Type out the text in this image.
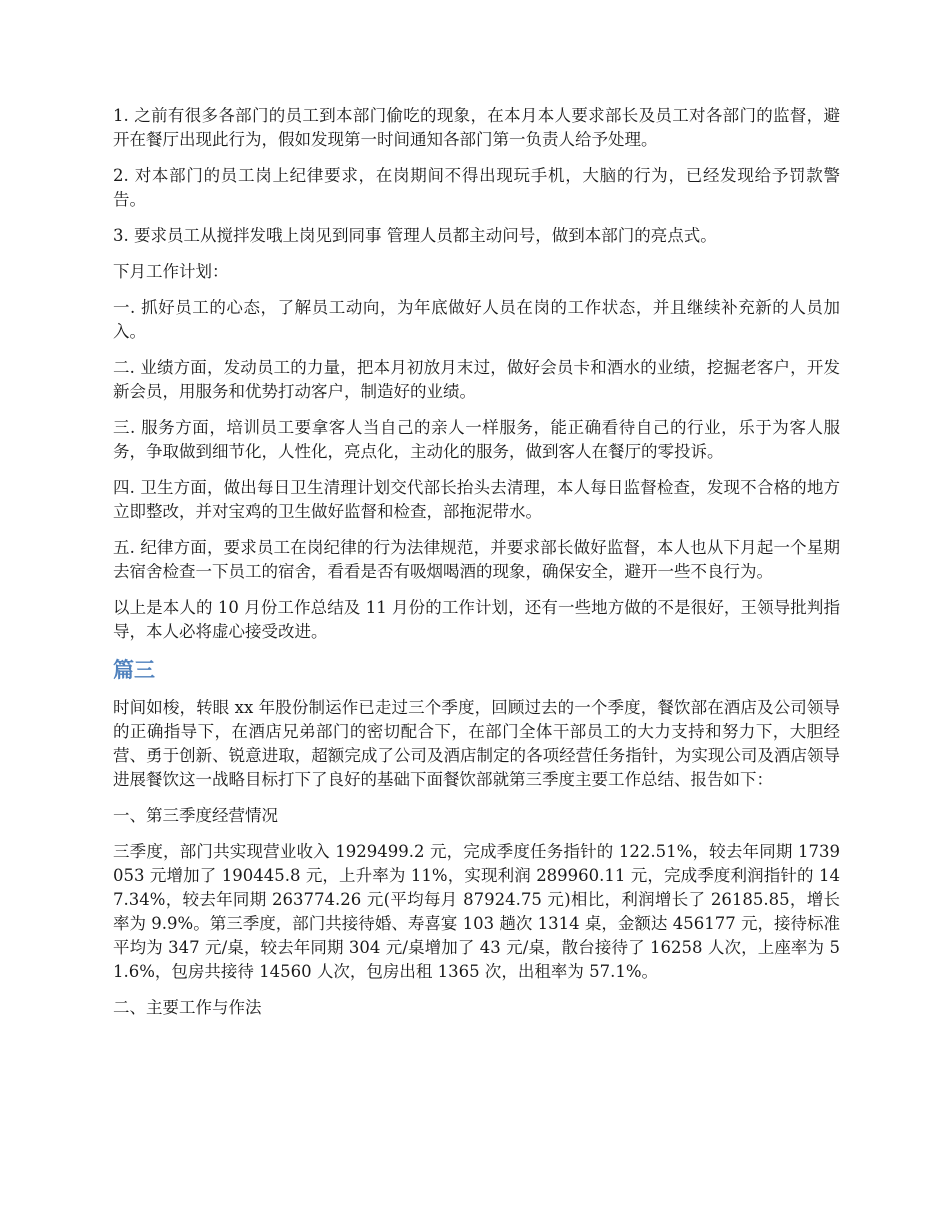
1. 之前有很多各部门的员工到本部门偷吃的现象，在本月本人要求部长及员工对各部门的监督，避开在餐厅出现此行为，假如发现第一时间通知各部门第一负责人给予处理。

2. 对本部门的员工岗上纪律要求，在岗期间不得出现玩手机，大脑的行为，已经发现给予罚款警告。

3. 要求员工从搅拌发哦上岗见到同事 管理人员都主动问号，做到本部门的亮点式。

下月工作计划：

一. 抓好员工的心态，了解员工动向，为年底做好人员在岗的工作状态，并且继续补充新的人员加入。

二. 业绩方面，发动员工的力量，把本月初放月末过，做好会员卡和酒水的业绩，挖掘老客户，开发新会员，用服务和优势打动客户，制造好的业绩。

三. 服务方面，培训员工要拿客人当自己的亲人一样服务，能正确看待自己的行业，乐于为客人服务，争取做到细节化，人性化，亮点化，主动化的服务，做到客人在餐厅的零投诉。

四. 卫生方面，做出每日卫生清理计划交代部长抬头去清理，本人每日监督检查，发现不合格的地方立即整改，并对宝鸡的卫生做好监督和检查，部拖泥带水。

五. 纪律方面，要求员工在岗纪律的行为法律规范，并要求部长做好监督，本人也从下月起一个星期去宿舍检查一下员工的宿舍，看看是否有吸烟喝酒的现象，确保安全，避开一些不良行为。

以上是本人的 10 月份工作总结及 11 月份的工作计划，还有一些地方做的不是很好，王领导批判指导，本人必将虚心接受改进。

篇三

时间如梭，转眼 xx 年股份制运作已走过三个季度，回顾过去的一个季度，餐饮部在酒店及公司领导的正确指导下，在酒店兄弟部门的密切配合下，在部门全体干部员工的大力支持和努力下，大胆经营、勇于创新、锐意进取，超额完成了公司及酒店制定的各项经营任务指针，为实现公司及酒店领导进展餐饮这一战略目标打下了良好的基础下面餐饮部就第三季度主要工作总结、报告如下：

一、第三季度经营情况

三季度，部门共实现营业收入 1929499.2 元，完成季度任务指针的 122.51%，较去年同期 1739053 元增加了 190445.8 元，上升率为 11%，实现利润 289960.11 元，完成季度利润指针的 147.34%，较去年同期 263774.26 元(平均每月 87924.75 元)相比，利润增长了 26185.85，增长率为 9.9%。第三季度，部门共接待婚、寿喜宴 103 趟次 1314 桌，金额达 456177 元，接待标准平均为 347 元/桌，较去年同期 304 元/桌增加了 43 元/桌，散台接待了 16258 人次，上座率为 51.6%，包房共接待 14560 人次，包房出租 1365 次，出租率为 57.1%。

二、主要工作与作法
